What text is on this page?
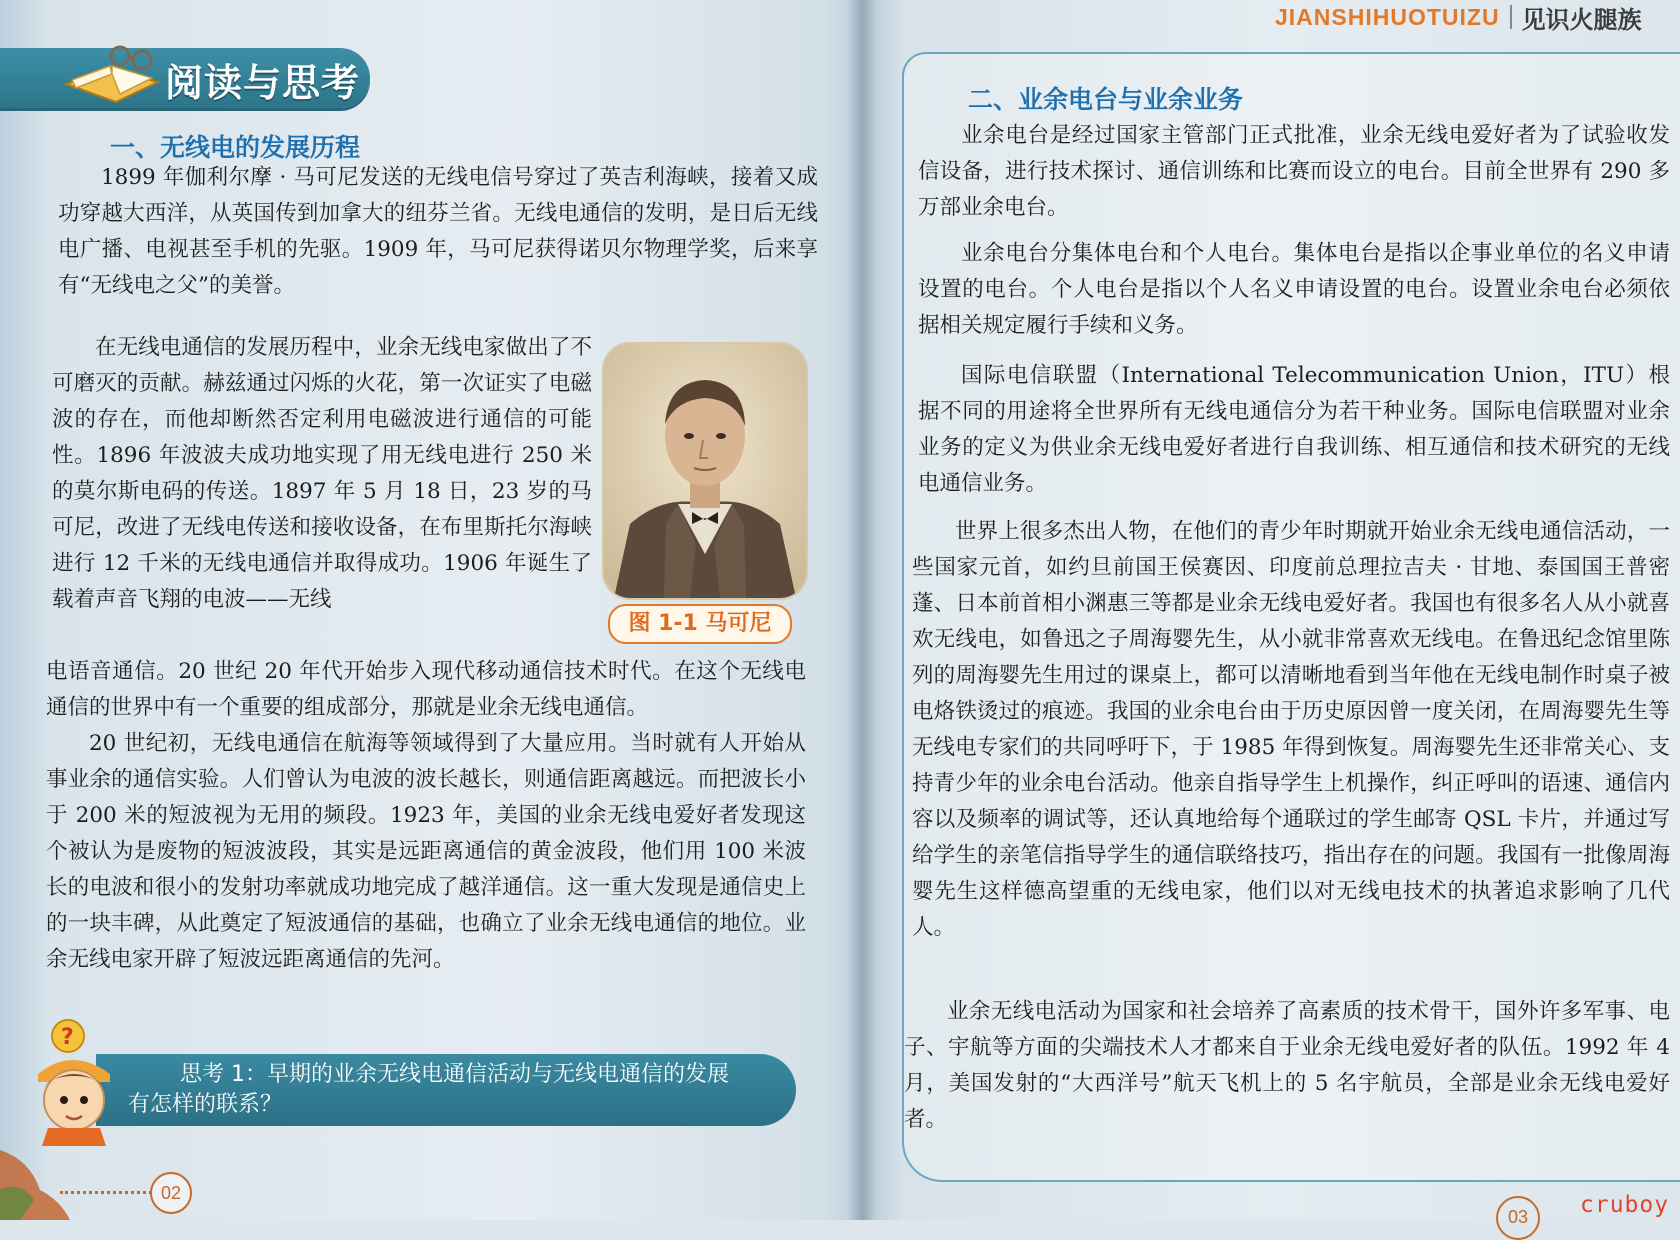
JIANSHIHUOTUIZU 见识火腿族
阅读与思考
一、无线电的发展历程

1899 年伽利尔摩 · 马可尼发送的无线电信号穿过了英吉利海峡，接着又成功穿越大西洋，从英国传到加拿大的纽芬兰省。无线电通信的发明，是日后无线电广播、电视甚至手机的先驱。1909 年，马可尼获得诺贝尔物理学奖，后来享有“无线电之父”的美誉。

在无线电通信的发展历程中，业余无线电家做出了不可磨灭的贡献。赫兹通过闪烁的火花，第一次证实了电磁波的存在，而他却断然否定利用电磁波进行通信的可能性。1896 年波波夫成功地实现了用无线电进行 250 米的莫尔斯电码的传送。1897 年 5 月 18 日，23 岁的马可尼，改进了无线电传送和接收设备，在布里斯托尔海峡进行 12 千米的无线电通信并取得成功。1906 年诞生了载着声音飞翔的电波——无线

电语音通信。20 世纪 20 年代开始步入现代移动通信技术时代。在这个无线电通信的世界中有一个重要的组成部分，那就是业余无线电通信。

20 世纪初，无线电通信在航海等领域得到了大量应用。当时就有人开始从事业余的通信实验。人们曾认为电波的波长越长，则通信距离越远。而把波长小于 200 米的短波视为无用的频段。1923 年，美国的业余无线电爱好者发现这个被认为是废物的短波波段，其实是远距离通信的黄金波段，他们用 100 米波长的电波和很小的发射功率就成功地完成了越洋通信。这一重大发现是通信史上的一块丰碑，从此奠定了短波通信的基础，也确立了业余无线电通信的地位。业余无线电家开辟了短波远距离通信的先河。

图 1-1 马可尼
?
思考 1：早期的业余无线电通信活动与无线电通信的发展
有怎样的联系？
02
二、业余电台与业余业务

业余电台是经过国家主管部门正式批准，业余无线电爱好者为了试验收发信设备，进行技术探讨、通信训练和比赛而设立的电台。目前全世界有 290 多万部业余电台。

业余电台分集体电台和个人电台。集体电台是指以企事业单位的名义申请设置的电台。个人电台是指以个人名义申请设置的电台。设置业余电台必须依据相关规定履行手续和义务。

国际电信联盟（International Telecommunication Union，ITU）根据不同的用途将全世界所有无线电通信分为若干种业务。国际电信联盟对业余业务的定义为供业余无线电爱好者进行自我训练、相互通信和技术研究的无线电通信业务。

世界上很多杰出人物，在他们的青少年时期就开始业余无线电通信活动，一些国家元首，如约旦前国王侯赛因、印度前总理拉吉夫 · 甘地、泰国国王普密蓬、日本前首相小渊惠三等都是业余无线电爱好者。我国也有很多名人从小就喜欢无线电，如鲁迅之子周海婴先生，从小就非常喜欢无线电。在鲁迅纪念馆里陈列的周海婴先生用过的课桌上，都可以清晰地看到当年他在无线电制作时桌子被电烙铁烫过的痕迹。我国的业余电台由于历史原因曾一度关闭，在周海婴先生等无线电专家们的共同呼吁下，于 1985 年得到恢复。周海婴先生还非常关心、支持青少年的业余电台活动。他亲自指导学生上机操作，纠正呼叫的语速、通信内容以及频率的调试等，还认真地给每个通联过的学生邮寄 QSL 卡片，并通过写给学生的亲笔信指导学生的通信联络技巧，指出存在的问题。我国有一批像周海婴先生这样德高望重的无线电家，他们以对无线电技术的执著追求影响了几代人。

业余无线电活动为国家和社会培养了高素质的技术骨干，国外许多军事、电子、宇航等方面的尖端技术人才都来自于业余无线电爱好者的队伍。1992 年 4 月，美国发射的“大西洋号”航天飞机上的 5 名宇航员，全部是业余无线电爱好者。

03	cruboy
